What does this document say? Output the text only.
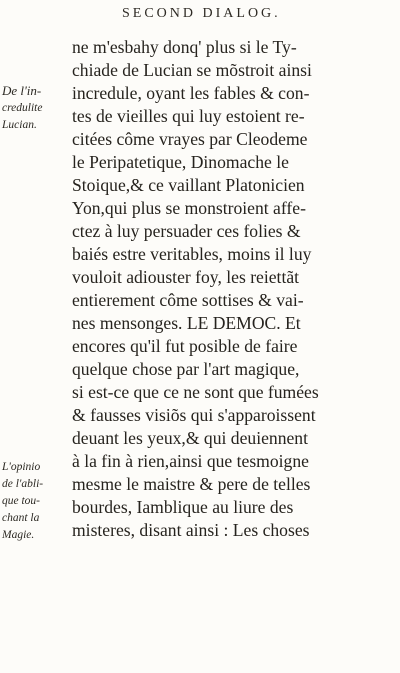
SECOND DIALOG.
ne m'esbahy donq' plus si le Ty-
chiade de Lucian se mõstroit ainsi
incredule, oyant les fables & con-
tes de vieilles qui luy estoient re-
citées côme vrayes par Cleodeme
le Peripatetique, Dinomache le
Stoique,& ce vaillant Platonicien
Yon,qui plus se monstroient affe-
ctez à luy persuader ces folies &
baiés estre veritables, moins il luy
vouloit adiouster foy, les reiettãt
entierement côme sottises & vai-
nes mensonges. LE DEMOC. Et
encores qu'il fut posible de faire
quelque chose par l'art magique,
si est-ce que ce ne sont que fumées
& fausses visiõs qui s'apparoissent
deuant les yeux,& qui deuiennent
à la fin à rien,ainsi que tesmoigne
mesme le maistre & pere de telles
bourdes, Iamblique au liure des
misteres, disant ainsi : Les choses
De l'in-
credulite
Lucian.
L'opinio
de l'abli-
que tou-
chant la
Magie.
